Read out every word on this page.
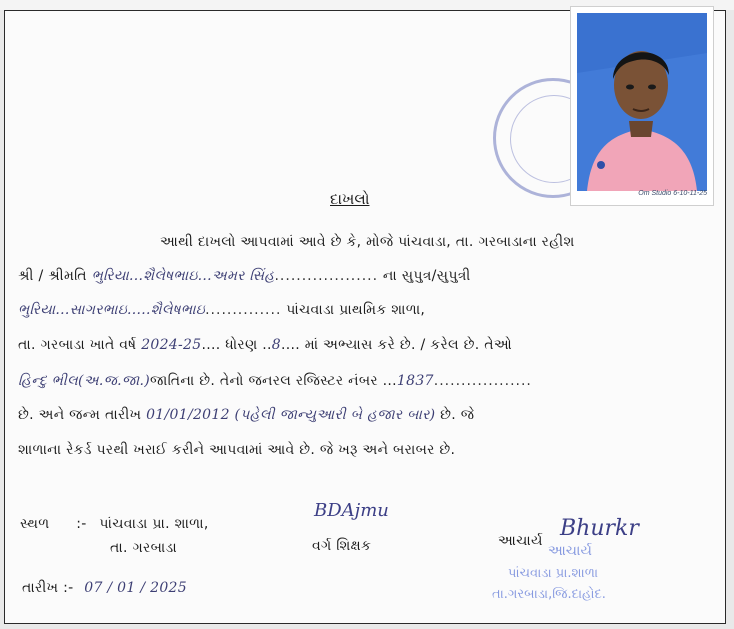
Om Studio 6-10-11-25
દાખલો
આથી દાખલો આપવામાં આવે છે કે, મોજે પાંચવાડા, તા. ગરબાડાના રહીશ
શ્રી / શ્રીમતિ ભુરિયા...શૈલેષભાઇ...અમર સિંહ................... ના સુપુત્ર/સુપુત્રી
ભુરિયા...સાગરભાઇ.....શૈલેષભાઇ.............. પાંચવાડા પ્રાથમિક શાળા,
તા. ગરબાડા ખાતે વર્ષ 2024-25.... ધોરણ ..8.... માં અભ્યાસ કરે છે. / કરેલ છે. તેઓ
હિન્દુ ભીલ(અ.જ.જા.)જાતિના છે. તેનો જનરલ રજિસ્ટર નંબર ...1837..................
છે. અને જન્મ તારીખ 01/01/2012 (પહેલી જાન્યુઆરી બે હજાર બાર) છે. જે
શાળાના રેકર્ડ પરથી ખરાઈ કરીને આપવામાં આવે છે. જે ખરૂ અને બરાબર છે.
સ્થળ :- પાંચવાડા પ્રા. શાળા,
તા. ગરબાડા
BDAjmu
વર્ગ શિક્ષક	આચાર્ય Bhurkr
આચાર્ય
પાંચવાડા પ્રા.શાળા
તા.ગરબાડા,જિ.દાહોદ.
તારીખ :- 07 / 01 / 2025
